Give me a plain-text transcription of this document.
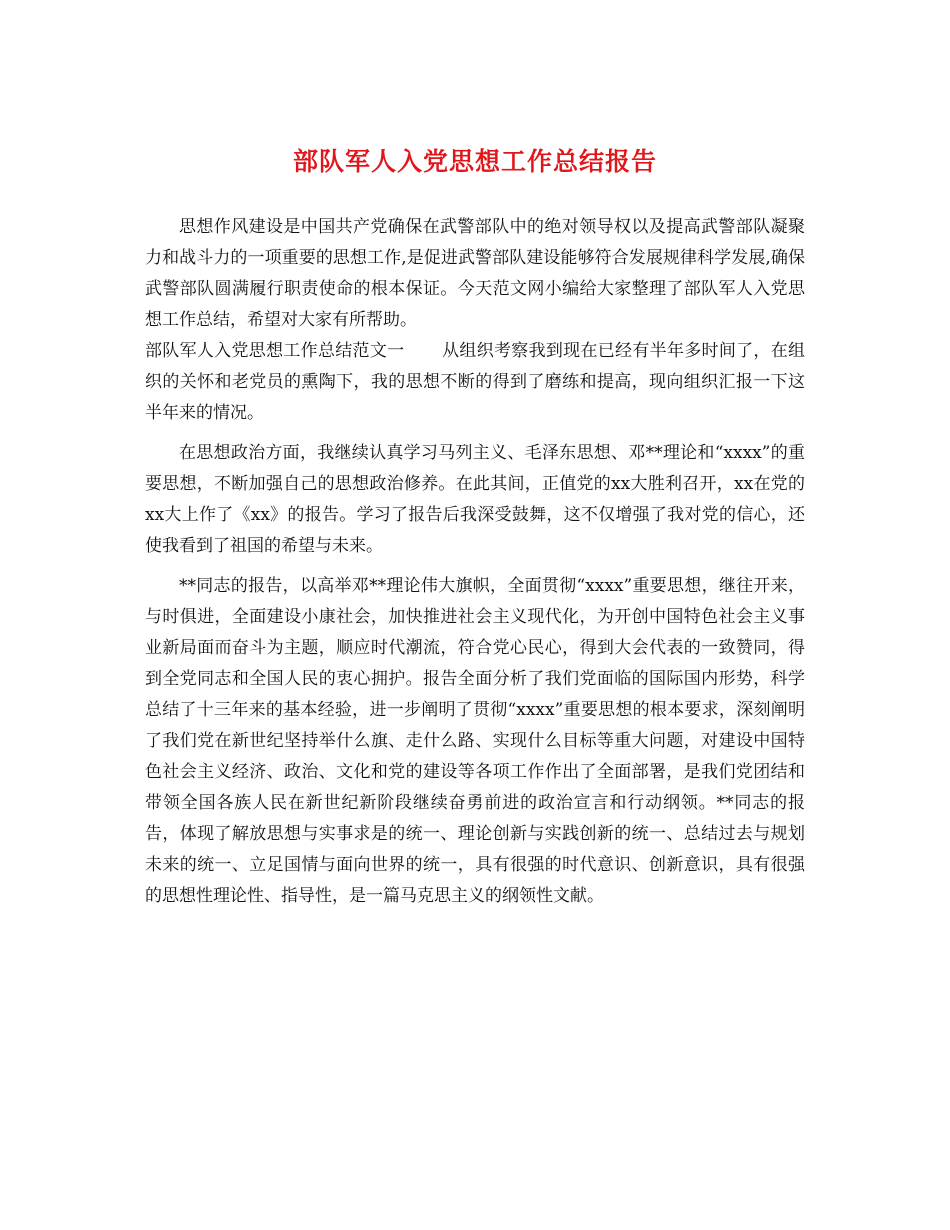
部队军人入党思想工作总结报告

思想作风建设是中国共产党确保在武警部队中的绝对领导权以及提高武警部队凝聚力和战斗力的一项重要的思想工作,是促进武警部队建设能够符合发展规律科学发展,确保武警部队圆满履行职责使命的根本保证。今天范文网小编给大家整理了部队军人入党思想工作总结，希望对大家有所帮助。

部队军人入党思想工作总结范文一 从组织考察我到现在已经有半年多时间了，在组织的关怀和老党员的熏陶下，我的思想不断的得到了磨练和提高，现向组织汇报一下这半年来的情况。

在思想政治方面，我继续认真学习马列主义、毛泽东思想、邓**理论和“xxxx”的重要思想，不断加强自己的思想政治修养。在此其间，正值党的xx大胜利召开，xx在党的xx大上作了《xx》的报告。学习了报告后我深受鼓舞，这不仅增强了我对党的信心，还使我看到了祖国的希望与未来。

**同志的报告，以高举邓**理论伟大旗帜，全面贯彻“xxxx”重要思想，继往开来，与时俱进，全面建设小康社会，加快推进社会主义现代化，为开创中国特色社会主义事业新局面而奋斗为主题，顺应时代潮流，符合党心民心，得到大会代表的一致赞同，得到全党同志和全国人民的衷心拥护。报告全面分析了我们党面临的国际国内形势，科学总结了十三年来的基本经验，进一步阐明了贯彻“xxxx”重要思想的根本要求，深刻阐明了我们党在新世纪坚持举什么旗、走什么路、实现什么目标等重大问题，对建设中国特色社会主义经济、政治、文化和党的建设等各项工作作出了全面部署，是我们党团结和带领全国各族人民在新世纪新阶段继续奋勇前进的政治宣言和行动纲领。**同志的报告，体现了解放思想与实事求是的统一、理论创新与实践创新的统一、总结过去与规划未来的统一、立足国情与面向世界的统一，具有很强的时代意识、创新意识，具有很强的思想性理论性、指导性，是一篇马克思主义的纲领性文献。
